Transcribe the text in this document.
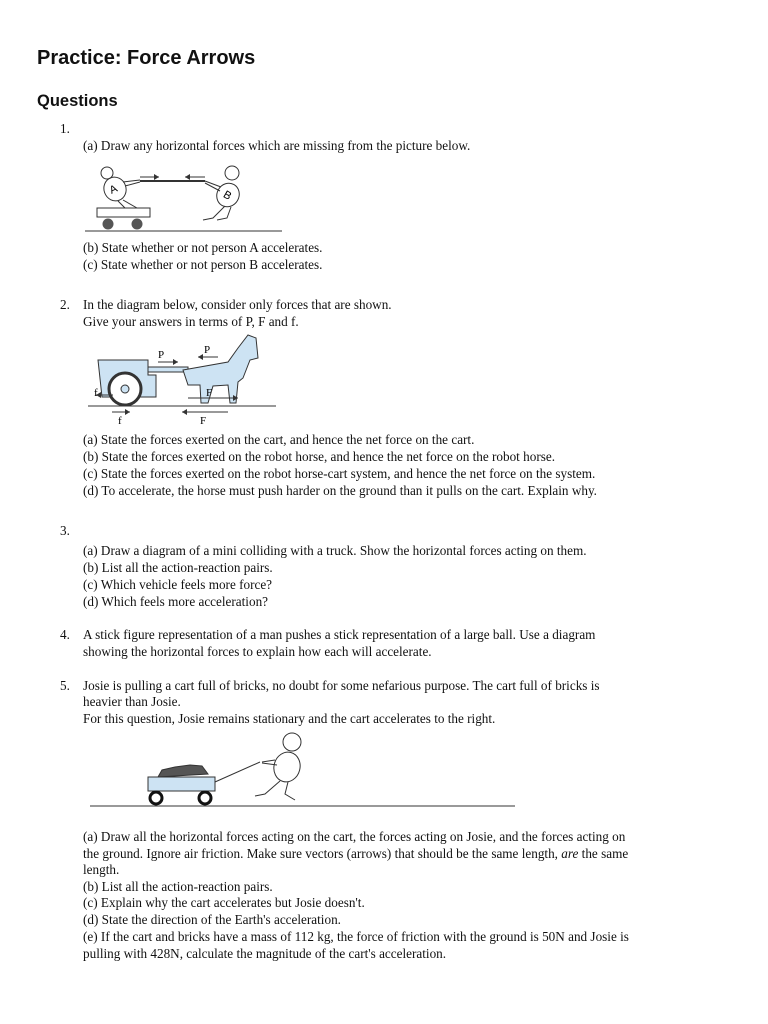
Practice: Force Arrows
Questions
1.
(a) Draw any horizontal forces which are missing from the picture below.
A	B
(b) State whether or not person A accelerates.
(c) State whether or not person B accelerates.
2. In the diagram below, consider only forces that are shown.
Give your answers in terms of P, F and f.
P	P
F
f
f	F
(a) State the forces exerted on the cart, and hence the net force on the cart.
(b) State the forces exerted on the robot horse, and hence the net force on the robot horse.
(c) State the forces exerted on the robot horse-cart system, and hence the net force on the system.
(d) To accelerate, the horse must push harder on the ground than it pulls on the cart. Explain why.
3.
(a) Draw a diagram of a mini colliding with a truck. Show the horizontal forces acting on them.
(b) List all the action-reaction pairs.
(c) Which vehicle feels more force?
(d) Which feels more acceleration?
4. A stick figure representation of a man pushes a stick representation of a large ball. Use a diagram
showing the horizontal forces to explain how each will accelerate.
5. Josie is pulling a cart full of bricks, no doubt for some nefarious purpose. The cart full of bricks is
heavier than Josie.
For this question, Josie remains stationary and the cart accelerates to the right.
(a) Draw all the horizontal forces acting on the cart, the forces acting on Josie, and the forces acting on
the ground. Ignore air friction. Make sure vectors (arrows) that should be the same length, are the same
length.
(b) List all the action-reaction pairs.
(c) Explain why the cart accelerates but Josie doesn't.
(d) State the direction of the Earth's acceleration.
(e) If the cart and bricks have a mass of 112 kg, the force of friction with the ground is 50N and Josie is
pulling with 428N, calculate the magnitude of the cart's acceleration.
